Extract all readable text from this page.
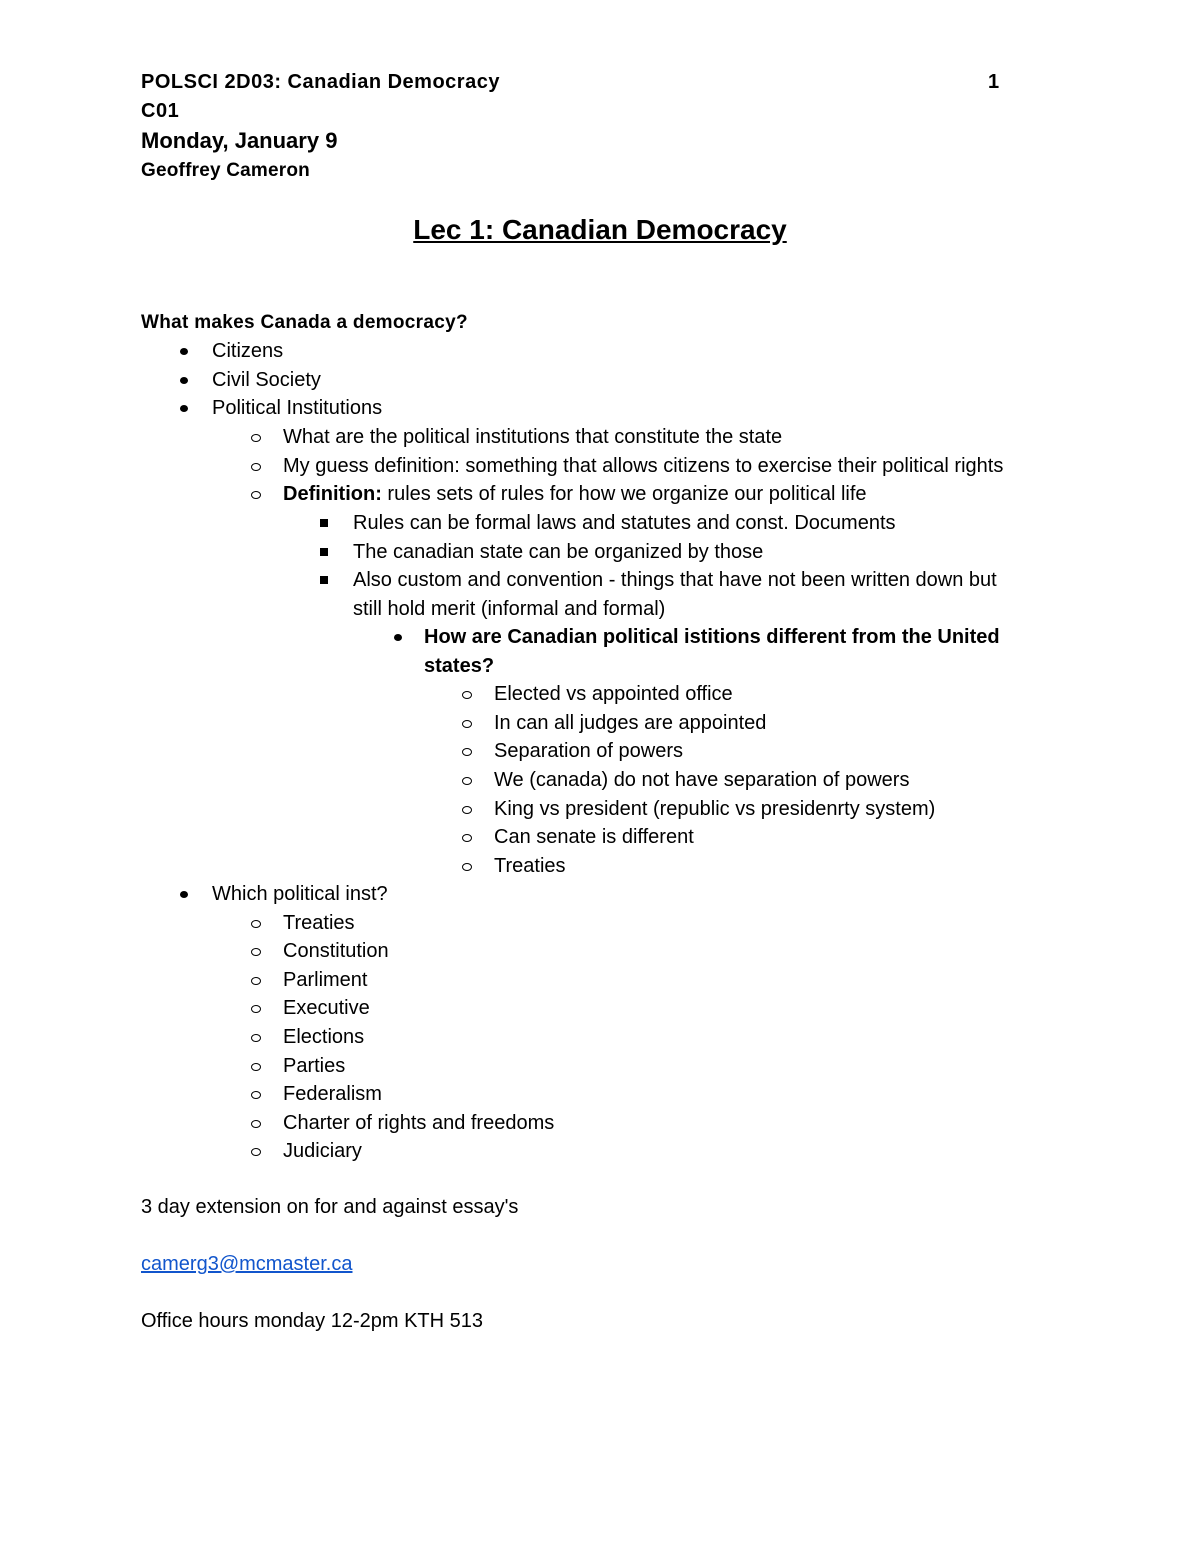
POLSCI 2D03: Canadian Democracy	1
C01
Monday, January 9
Geoffrey Cameron
Lec 1: Canadian Democracy
What makes Canada a democracy?
Citizens
Civil Society
Political Institutions
What are the political institutions that constitute the state
My guess definition: something that allows citizens to exercise their political rights
Definition: rules sets of rules for how we organize our political life
Rules can be formal laws and statutes and const. Documents
The canadian state can be organized by those
Also custom and convention - things that have not been written down but
still hold merit (informal and formal)
How are Canadian political istitions different from the United
states?
Elected vs appointed office
In can all judges are appointed
Separation of powers
We (canada) do not have separation of powers
King vs president (republic vs presidenrty system)
Can senate is different
Treaties
Which political inst?
Treaties
Constitution
Parliment
Executive
Elections
Parties
Federalism
Charter of rights and freedoms
Judiciary
3 day extension on for and against essay's
camerg3@mcmaster.ca
Office hours monday 12-2pm KTH 513
